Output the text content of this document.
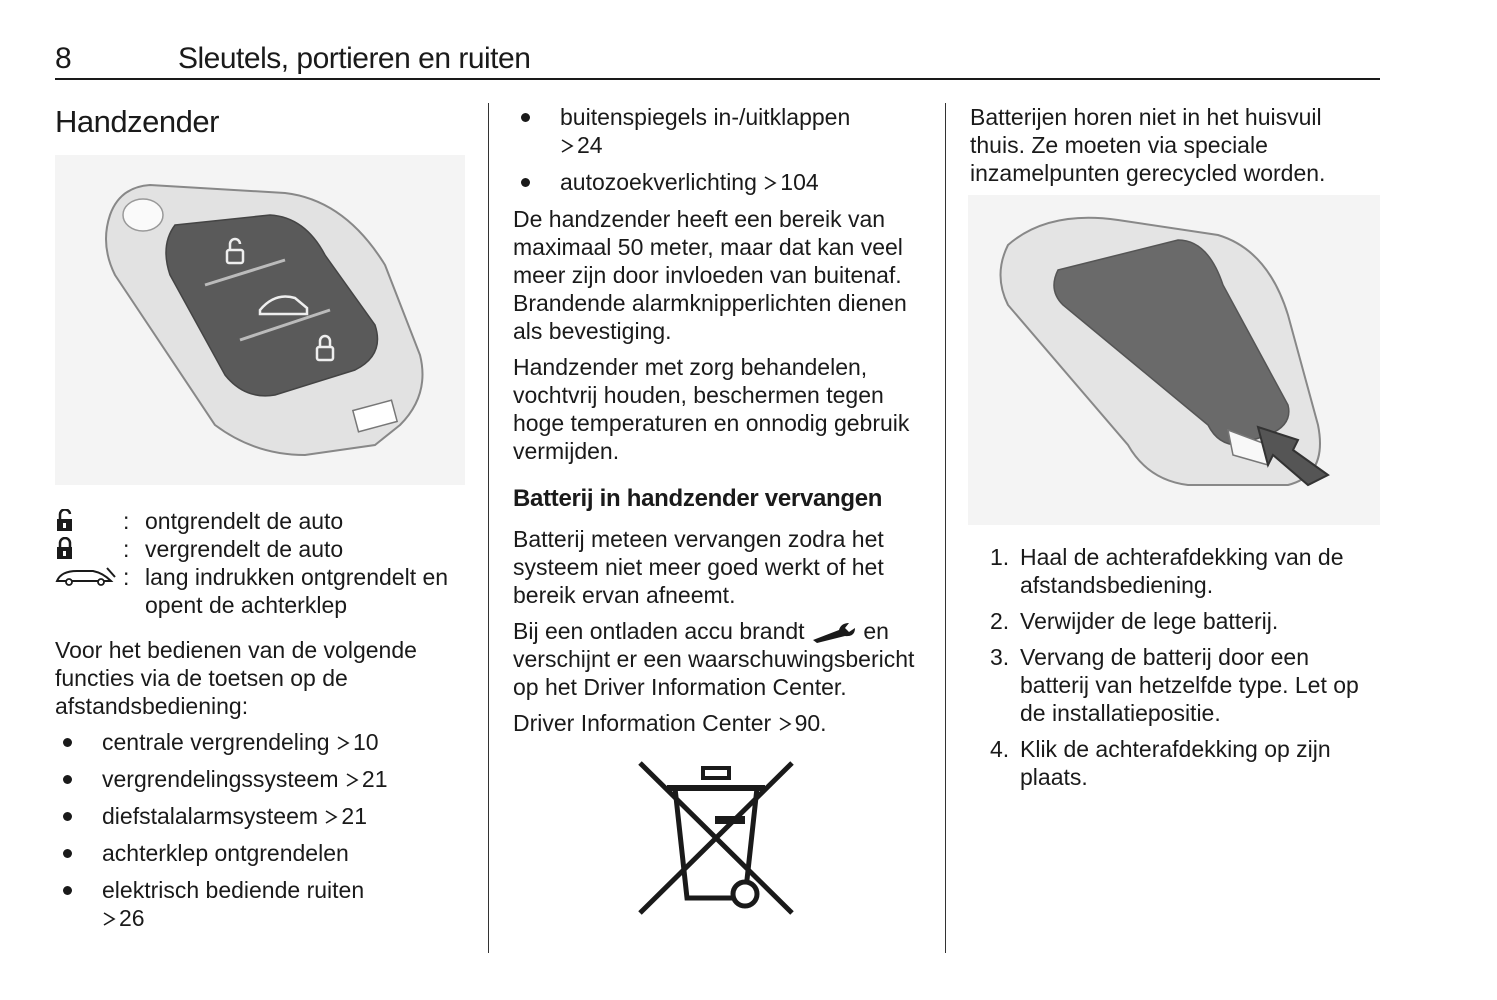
8	Sleutels, portieren en ruiten
Handzender
: ontgrendelt de auto
: vergrendelt de auto
: lang indrukken ontgrendelt en opent de achterklep

Voor het bedienen van de volgende functies via de toetsen op de afstandsbediening:

centrale vergrendeling 10
vergrendelingssysteem 21
diefstalalarmsysteem 21
achterklep ontgrendelen
elektrisch bediende ruiten
26
buitenspiegels in-/uitklappen
24
autozoekverlichting 104

De handzender heeft een bereik van maximaal 50 meter, maar dat kan veel meer zijn door invloeden van buitenaf. Brandende alarmknipperlichten dienen als bevestiging.

Handzender met zorg behandelen, vochtvrij houden, beschermen tegen hoge temperaturen en onnodig gebruik vermijden.

Batterij in handzender vervangen

Batterij meteen vervangen zodra het systeem niet meer goed werkt of het bereik ervan afneemt.

Bij een ontladen accu brandt	en verschijnt er een waarschuwingsbericht op het Driver Information Center.

Driver Information Center 90.

Batterijen horen niet in het huisvuil thuis. Ze moeten via speciale inzamelpunten gerecycled worden.

1. Haal de achterafdekking van de afstandsbediening.
2. Verwijder de lege batterij.
3. Vervang de batterij door een batterij van hetzelfde type. Let op de installatiepositie.
4. Klik de achterafdekking op zijn plaats.
